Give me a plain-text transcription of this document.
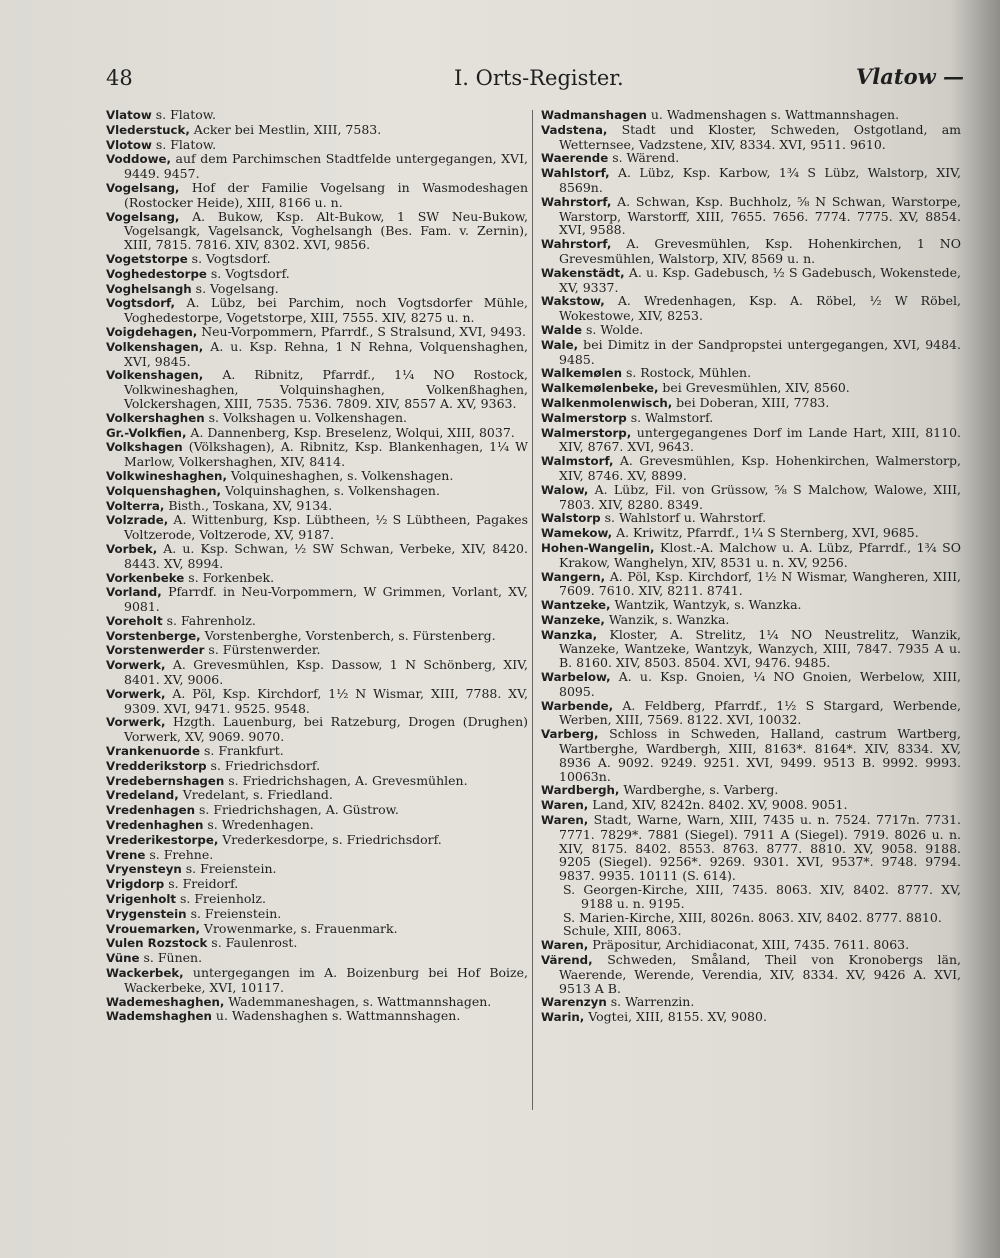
48	I. Orts-Register.	Vlatow —

Vlatow s. Flatow.

Vlederstuck, Acker bei Mestlin, XIII, 7583.

Vlotow s. Flatow.

Voddowe, auf dem Parchimschen Stadtfelde untergegangen, XVI, 9449. 9457.

Vogelsang, Hof der Familie Vogelsang in Wasmodeshagen (Rostocker Heide), XIII, 8166 u. n.

Vogelsang, A. Bukow, Ksp. Alt-Bukow, 1 SW Neu-Bukow, Vogelsangk, Vagelsanck, Voghelsangh (Bes. Fam. v. Zernin), XIII, 7815. 7816. XIV, 8302. XVI, 9856.

Vogetstorpe s. Vogtsdorf.

Voghedestorpe s. Vogtsdorf.

Voghelsangh s. Vogelsang.

Vogtsdorf, A. Lübz, bei Parchim, noch Vogtsdorfer Mühle, Voghedestorpe, Vogetstorpe, XIII, 7555. XIV, 8275 u. n.

Voigdehagen, Neu-Vorpommern, Pfarrdf., S Stralsund, XVI, 9493.

Volkenshagen, A. u. Ksp. Rehna, 1 N Rehna, Volquenshaghen, XVI, 9845.

Volkenshagen, A. Ribnitz, Pfarrdf., 1¼ NO Rostock, Volkwineshaghen, Volquinshaghen, Volkenßhaghen, Volckershagen, XIII, 7535. 7536. 7809. XIV, 8557 A. XV, 9363.

Volkershaghen s. Volkshagen u. Volkenshagen.

Gr.-Volkfien, A. Dannenberg, Ksp. Breselenz, Wolqui, XIII, 8037.

Volkshagen (Völkshagen), A. Ribnitz, Ksp. Blankenhagen, 1¼ W Marlow, Volkershaghen, XIV, 8414.

Volkwineshaghen, Volquineshaghen, s. Volkenshagen.

Volquenshaghen, Volquinshaghen, s. Volkenshagen.

Volterra, Bisth., Toskana, XV, 9134.

Volzrade, A. Wittenburg, Ksp. Lübtheen, ½ S Lübtheen, Pagakes Voltzerode, Voltzerode, XV, 9187.

Vorbek, A. u. Ksp. Schwan, ½ SW Schwan, Verbeke, XIV, 8420. 8443. XV, 8994.

Vorkenbeke s. Forkenbek.

Vorland, Pfarrdf. in Neu-Vorpommern, W Grimmen, Vorlant, XV, 9081.

Voreholt s. Fahrenholz.

Vorstenberge, Vorstenberghe, Vorstenberch, s. Fürstenberg.

Vorstenwerder s. Fürstenwerder.

Vorwerk, A. Grevesmühlen, Ksp. Dassow, 1 N Schönberg, XIV, 8401. XV, 9006.

Vorwerk, A. Pöl, Ksp. Kirchdorf, 1½ N Wismar, XIII, 7788. XV, 9309. XVI, 9471. 9525. 9548.

Vorwerk, Hzgth. Lauenburg, bei Ratzeburg, Drogen (Drughen) Vorwerk, XV, 9069. 9070.

Vrankenuorde s. Frankfurt.

Vredderikstorp s. Friedrichsdorf.

Vredebernshagen s. Friedrichshagen, A. Grevesmühlen.

Vredeland, Vredelant, s. Friedland.

Vredenhagen s. Friedrichshagen, A. Güstrow.

Vredenhaghen s. Wredenhagen.

Vrederikestorpe, Vrederkesdorpe, s. Friedrichsdorf.

Vrene s. Frehne.

Vryensteyn s. Freienstein.

Vrigdorp s. Freidorf.

Vrigenholt s. Freienholz.

Vrygenstein s. Freienstein.

Vrouemarken, Vrowenmarke, s. Frauenmark.

Vulen Rozstock s. Faulenrost.

Vüne s. Fünen.

Wackerbek, untergegangen im A. Boizenburg bei Hof Boize, Wackerbeke, XVI, 10117.

Wademeshaghen, Wademmaneshagen, s. Wattmannshagen.

Wademshaghen u. Wadenshaghen s. Wattmannshagen.

Wadmanshagen u. Wadmenshagen s. Wattmannshagen.

Vadstena, Stadt und Kloster, Schweden, Ostgotland, am Wetternsee, Vadzstene, XIV, 8334. XVI, 9511. 9610.

Waerende s. Wärend.

Wahlstorf, A. Lübz, Ksp. Karbow, 1¾ S Lübz, Walstorp, XIV, 8569n.

Wahrstorf, A. Schwan, Ksp. Buchholz, ⅝ N Schwan, Warstorpe, Warstorp, Warstorff, XIII, 7655. 7656. 7774. 7775. XV, 8854. XVI, 9588.

Wahrstorf, A. Grevesmühlen, Ksp. Hohenkirchen, 1 NO Grevesmühlen, Walstorp, XIV, 8569 u. n.

Wakenstädt, A. u. Ksp. Gadebusch, ½ S Gadebusch, Wokenstede, XV, 9337.

Wakstow, A. Wredenhagen, Ksp. A. Röbel, ½ W Röbel, Wokestowe, XIV, 8253.

Walde s. Wolde.

Wale, bei Dimitz in der Sandpropstei untergegangen, XVI, 9484. 9485.

Walkemølen s. Rostock, Mühlen.

Walkemølenbeke, bei Grevesmühlen, XIV, 8560.

Walkenmolenwisch, bei Doberan, XIII, 7783.

Walmerstorp s. Walmstorf.

Walmerstorp, untergegangenes Dorf im Lande Hart, XIII, 8110. XIV, 8767. XVI, 9643.

Walmstorf, A. Grevesmühlen, Ksp. Hohenkirchen, Walmerstorp, XIV, 8746. XV, 8899.

Walow, A. Lübz, Fil. von Grüssow, ⅝ S Malchow, Walowe, XIII, 7803. XIV, 8280. 8349.

Walstorp s. Wahlstorf u. Wahrstorf.

Wamekow, A. Kriwitz, Pfarrdf., 1¼ S Sternberg, XVI, 9685.

Hohen-Wangelin, Klost.-A. Malchow u. A. Lübz, Pfarrdf., 1¾ SO Krakow, Wanghelyn, XIV, 8531 u. n. XV, 9256.

Wangern, A. Pöl, Ksp. Kirchdorf, 1½ N Wismar, Wangheren, XIII, 7609. 7610. XIV, 8211. 8741.

Wantzeke, Wantzik, Wantzyk, s. Wanzka.

Wanzeke, Wanzik, s. Wanzka.

Wanzka, Kloster, A. Strelitz, 1¼ NO Neustrelitz, Wanzik, Wanzeke, Wantzeke, Wantzyk, Wanzych, XIII, 7847. 7935 A u. B. 8160. XIV, 8503. 8504. XVI, 9476. 9485.

Warbelow, A. u. Ksp. Gnoien, ¼ NO Gnoien, Werbelow, XIII, 8095.

Warbende, A. Feldberg, Pfarrdf., 1½ S Stargard, Werbende, Werben, XIII, 7569. 8122. XVI, 10032.

Varberg, Schloss in Schweden, Halland, castrum Wartberg, Wartberghe, Wardbergh, XIII, 8163*. 8164*. XIV, 8334. XV, 8936 A. 9092. 9249. 9251. XVI, 9499. 9513 B. 9992. 9993. 10063n.

Wardbergh, Wardberghe, s. Varberg.

Waren, Land, XIV, 8242n. 8402. XV, 9008. 9051.

Waren, Stadt, Warne, Warn, XIII, 7435 u. n. 7524. 7717n. 7731. 7771. 7829*. 7881 (Siegel). 7911 A (Siegel). 7919. 8026 u. n. XIV, 8175. 8402. 8553. 8763. 8777. 8810. XV, 9058. 9188. 9205 (Siegel). 9256*. 9269. 9301. XVI, 9537*. 9748. 9794. 9837. 9935. 10111 (S. 614).

S. Georgen-Kirche, XIII, 7435. 8063. XIV, 8402. 8777. XV, 9188 u. n. 9195.

S. Marien-Kirche, XIII, 8026n. 8063. XIV, 8402. 8777. 8810.

Schule, XIII, 8063.

Waren, Präpositur, Archidiaconat, XIII, 7435. 7611. 8063.

Värend, Schweden, Småland, Theil von Kronobergs län, Waerende, Werende, Verendia, XIV, 8334. XV, 9426 A. XVI, 9513 A B.

Warenzyn s. Warrenzin.

Warin, Vogtei, XIII, 8155. XV, 9080.
